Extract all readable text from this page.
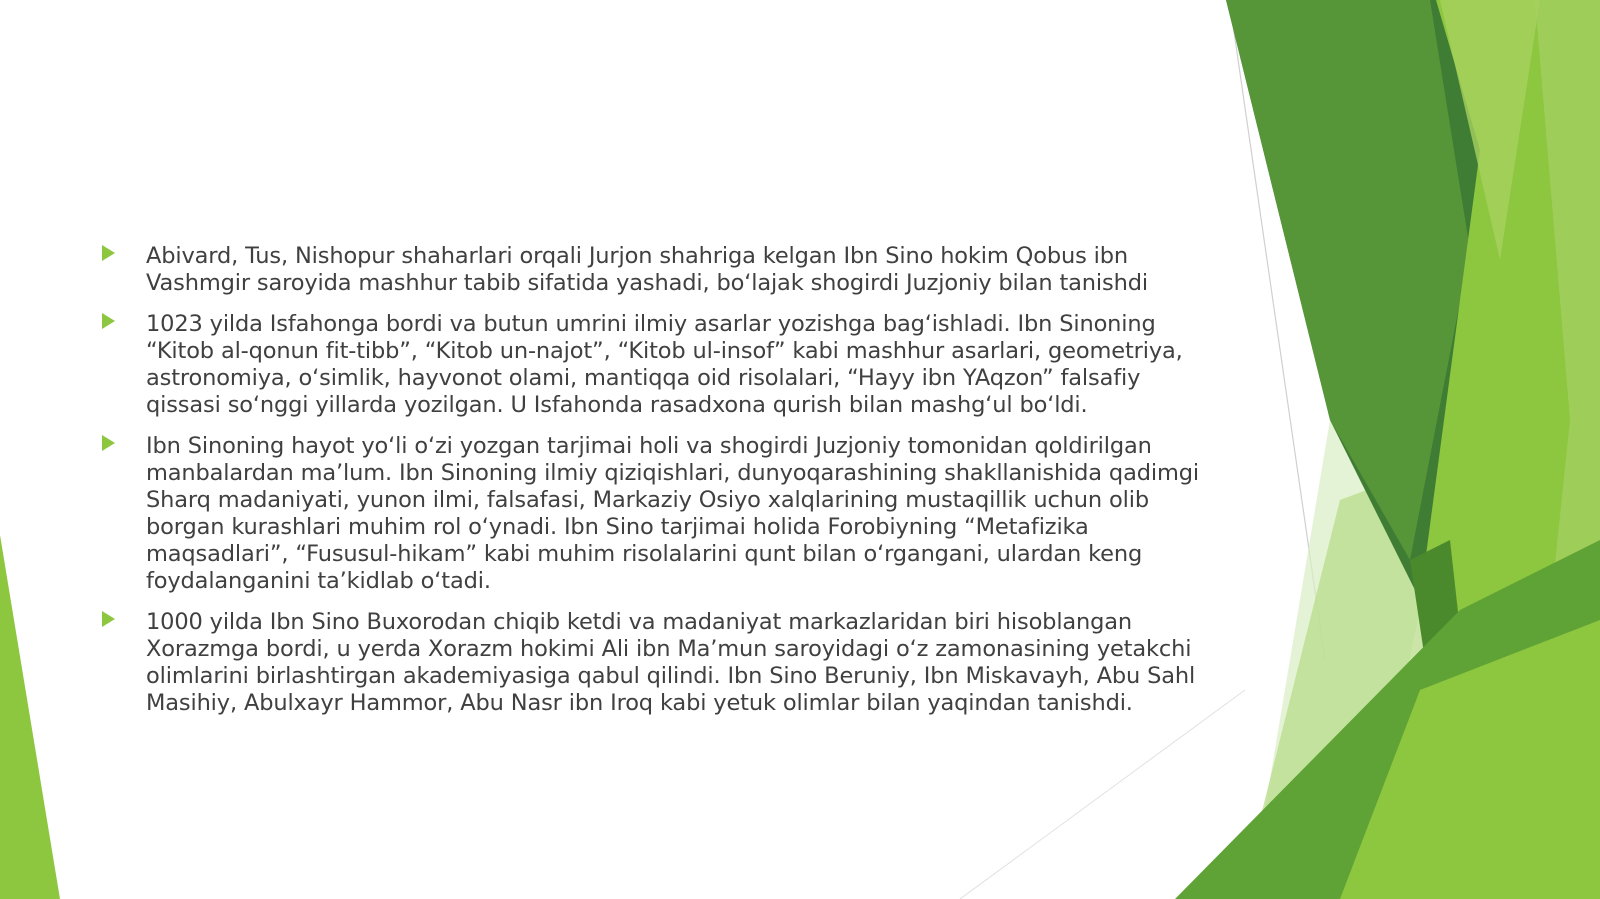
Abivard, Tus, Nishopur shaharlari orqali Jurjon shahriga kelgan Ibn Sino hokim Qobus ibn Vashmgir saroyida mashhur tabib sifatida yashadi, bo‘lajak shogirdi Juzjoniy bilan tanishdi
1023 yilda Isfahonga bordi va butun umrini ilmiy asarlar yozishga bag‘ishladi. Ibn Sinoning “Kitob al-qonun fit-tibb”, “Kitob un-najot”, “Kitob ul-insof” kabi mashhur asarlari, geometriya, astronomiya, o‘simlik, hayvonot olami, mantiqqa oid risolalari, “Hayy ibn YAqzon” falsafiy qissasi so‘nggi yillarda yozilgan. U Isfahonda rasadxona qurish bilan mashg‘ul bo‘ldi.
Ibn Sinoning hayot yo‘li o‘zi yozgan tarjimai holi va shogirdi Juzjoniy tomonidan qoldirilgan manbalardan ma’lum. Ibn Sinoning ilmiy qiziqishlari, dunyoqarashining shakllanishida qadimgi Sharq madaniyati, yunon ilmi, falsafasi, Markaziy Osiyo xalqlarining mustaqillik uchun olib borgan kurashlari muhim rol o‘ynadi. Ibn Sino tarjimai holida Forobiyning “Metafizika maqsadlari”, “Fususul-hikam” kabi muhim risolalarini qunt bilan o‘rgangani, ulardan keng foydalanganini ta’kidlab o‘tadi.
1000 yilda Ibn Sino Buxorodan chiqib ketdi va madaniyat markazlaridan biri hisoblangan Xorazmga bordi, u yerda Xorazm hokimi Ali ibn Ma’mun saroyidagi o‘z zamonasining yetakchi olimlarini birlashtirgan akademiyasiga qabul qilindi. Ibn Sino Beruniy, Ibn Miskavayh, Abu Sahl Masihiy, Abulxayr Hammor, Abu Nasr ibn Iroq kabi yetuk olimlar bilan yaqindan tanishdi.
